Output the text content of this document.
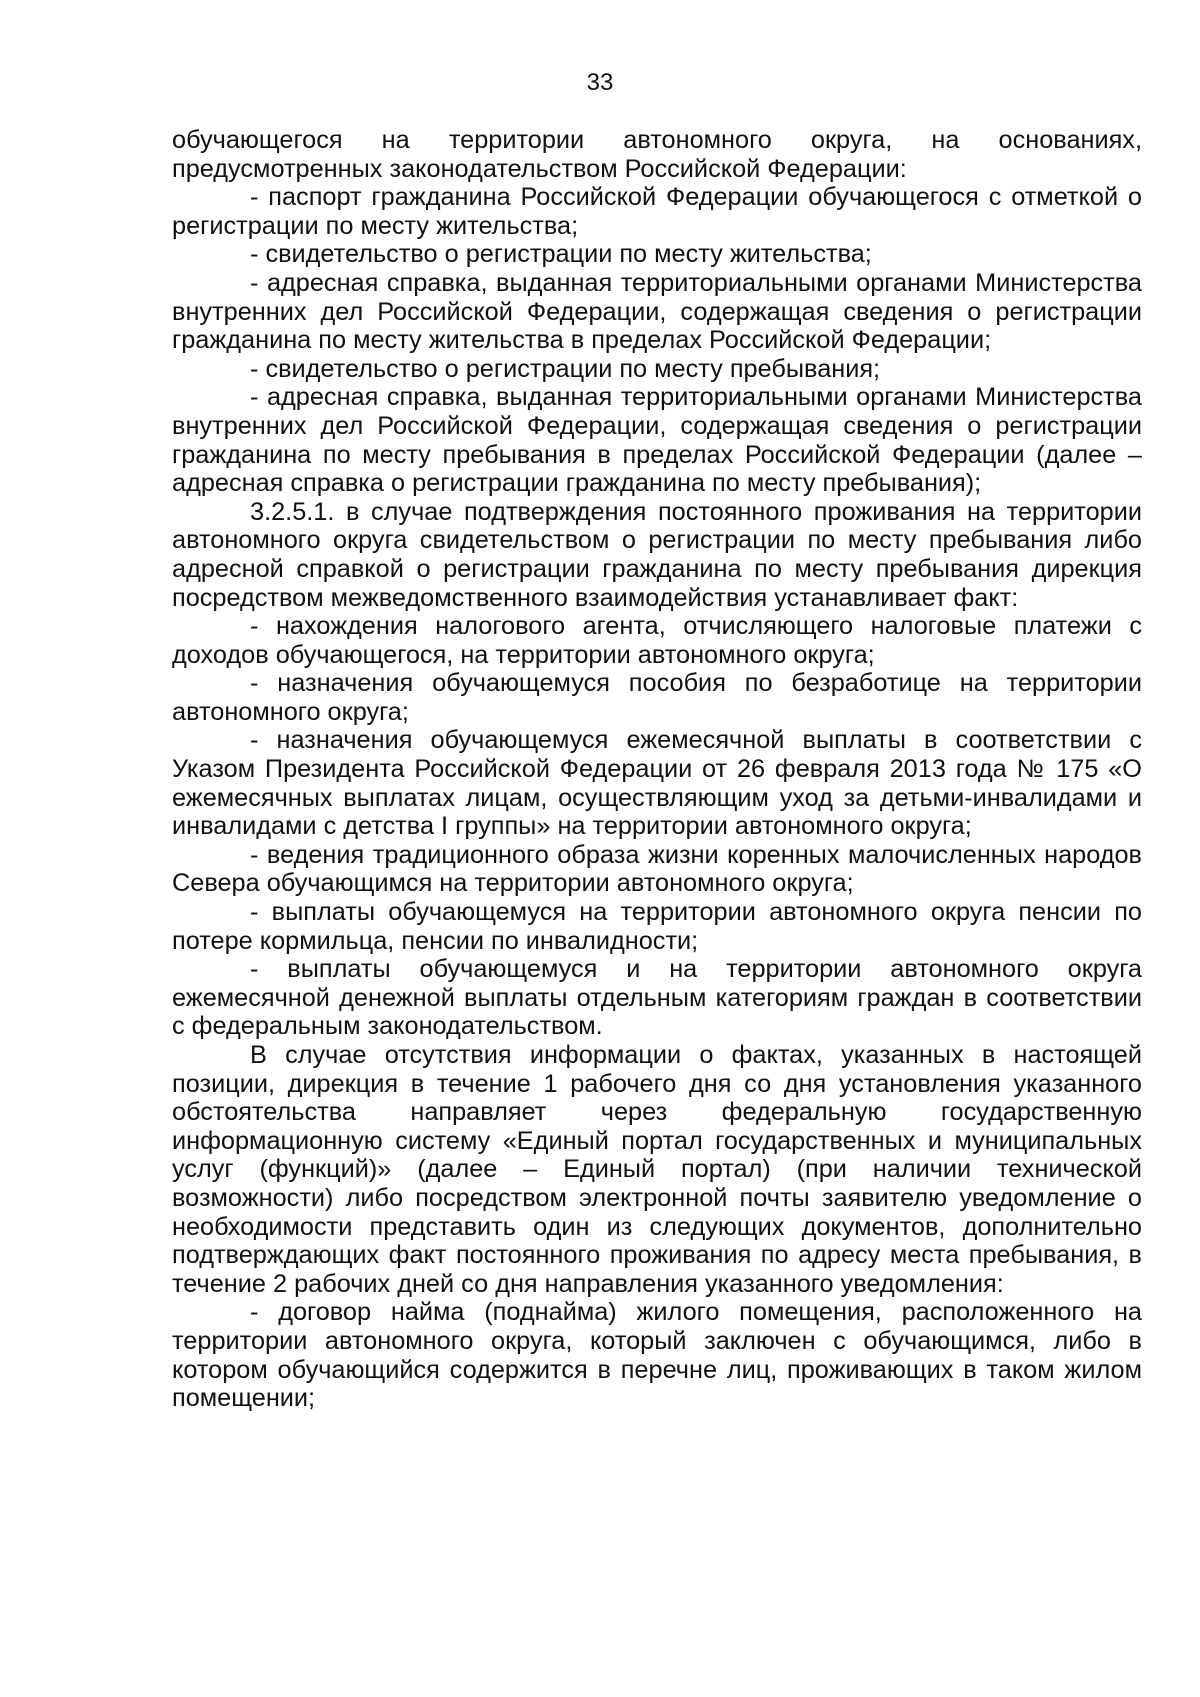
33

обучающегося на территории автономного округа, на основаниях, предусмотренных законодательством Российской Федерации:

- паспорт гражданина Российской Федерации обучающегося с отметкой о регистрации по месту жительства;

- свидетельство о регистрации по месту жительства;

- адресная справка, выданная территориальными органами Министерства внутренних дел Российской Федерации, содержащая сведения о регистрации гражданина по месту жительства в пределах Российской Федерации;

- свидетельство о регистрации по месту пребывания;

- адресная справка, выданная территориальными органами Министерства внутренних дел Российской Федерации, содержащая сведения о регистрации гражданина по месту пребывания в пределах Российской Федерации (далее – адресная справка о регистрации гражданина по месту пребывания);

3.2.5.1. в случае подтверждения постоянного проживания на территории автономного округа свидетельством о регистрации по месту пребывания либо адресной справкой о регистрации гражданина по месту пребывания дирекция посредством межведомственного взаимодействия устанавливает факт:

- нахождения налогового агента, отчисляющего налоговые платежи с доходов обучающегося, на территории автономного округа;

- назначения обучающемуся пособия по безработице на территории автономного округа;

- назначения обучающемуся ежемесячной выплаты в соответствии с Указом Президента Российской Федерации от 26 февраля 2013 года № 175 «О ежемесячных выплатах лицам, осуществляющим уход за детьми-инвалидами и инвалидами с детства I группы» на территории автономного округа;

- ведения традиционного образа жизни коренных малочисленных народов Севера обучающимся на территории автономного округа;

- выплаты обучающемуся на территории автономного округа пенсии по потере кормильца, пенсии по инвалидности;

- выплаты обучающемуся и на территории автономного округа ежемесячной денежной выплаты отдельным категориям граждан в соответствии с федеральным законодательством.

В случае отсутствия информации о фактах, указанных в настоящей позиции, дирекция в течение 1 рабочего дня со дня установления указанного обстоятельства направляет через федеральную государственную информационную систему «Единый портал государственных и муниципальных услуг (функций)» (далее – Единый портал) (при наличии технической возможности) либо посредством электронной почты заявителю уведомление о необходимости представить один из следующих документов, дополнительно подтверждающих факт постоянного проживания по адресу места пребывания, в течение 2 рабочих дней со дня направления указанного уведомления:

- договор найма (поднайма) жилого помещения, расположенного на территории автономного округа, который заключен с обучающимся, либо в котором обучающийся содержится в перечне лиц, проживающих в таком жилом помещении;
